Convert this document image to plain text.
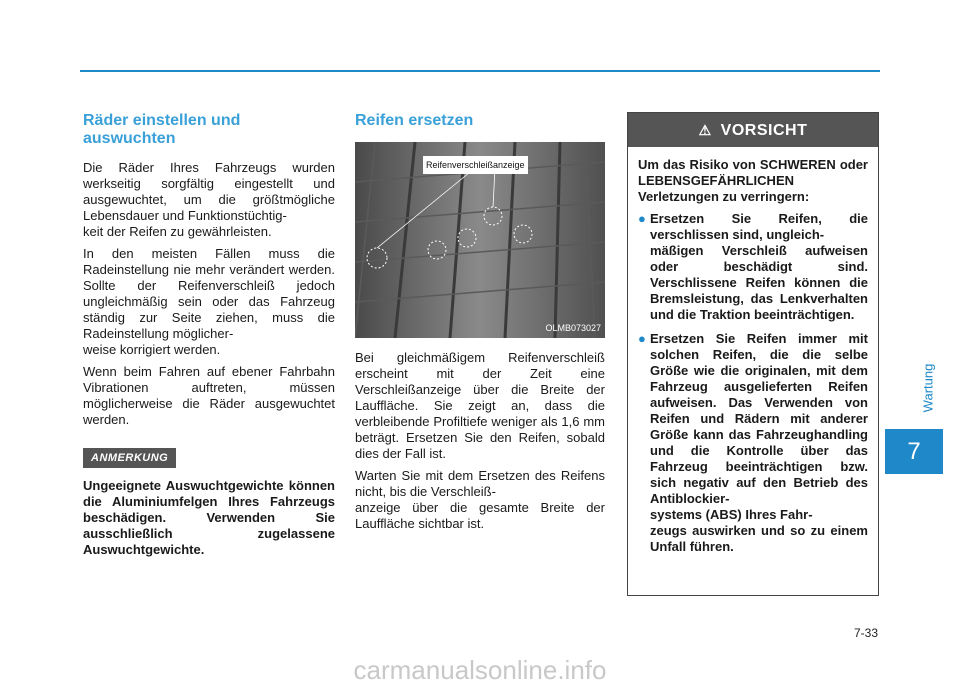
Wartung
7
Räder einstellen und auswuchten

Die Räder Ihres Fahrzeugs wurden werkseitig sorgfältig eingestellt und ausgewuchtet, um die größtmögliche Lebensdauer und Funktionstüchtig-
keit der Reifen zu gewährleisten.

In den meisten Fällen muss die Radeinstellung nie mehr verändert werden. Sollte der Reifenverschleiß jedoch ungleichmäßig sein oder das Fahrzeug ständig zur Seite ziehen, muss die Radeinstellung möglicher-
weise korrigiert werden.

Wenn beim Fahren auf ebener Fahrbahn Vibrationen auftreten, müssen möglicherweise die Räder ausgewuchtet werden.

ANMERKUNG

Ungeeignete Auswuchtgewichte können die Aluminiumfelgen Ihres Fahrzeugs beschädigen. Verwenden Sie ausschließlich zugelassene Auswuchtgewichte.

Reifen ersetzen
Reifenverschleißanzeige
OLMB073027

Bei gleichmäßigem Reifenverschleiß erscheint mit der Zeit eine Verschleißanzeige über die Breite der Lauffläche. Sie zeigt an, dass die verbleibende Profiltiefe weniger als 1,6 mm beträgt. Ersetzen Sie den Reifen, sobald dies der Fall ist.

Warten Sie mit dem Ersetzen des Reifens nicht, bis die Verschleiß-
anzeige über die gesamte Breite der Lauffläche sichtbar ist.

⚠ VORSICHT

Um das Risiko von SCHWEREN oder LEBENSGEFÄHRLICHEN Verletzungen zu verringern:

● Ersetzen Sie Reifen, die verschlissen sind, ungleich-
mäßigen Verschleiß aufweisen oder beschädigt sind. Verschlissene Reifen können die Bremsleistung, das Lenkverhalten und die Traktion beeinträchtigen.
● Ersetzen Sie Reifen immer mit solchen Reifen, die die selbe Größe wie die originalen, mit dem Fahrzeug ausgelieferten Reifen aufweisen. Das Verwenden von Reifen und Rädern mit anderer Größe kann das Fahrzeughandling und die Kontrolle über das Fahrzeug beeinträchtigen bzw. sich negativ auf den Betrieb des Antiblockier-
systems (ABS) Ihres Fahr-
zeugs auswirken und so zu einem Unfall führen.
7-33
carmanualsonline.info
